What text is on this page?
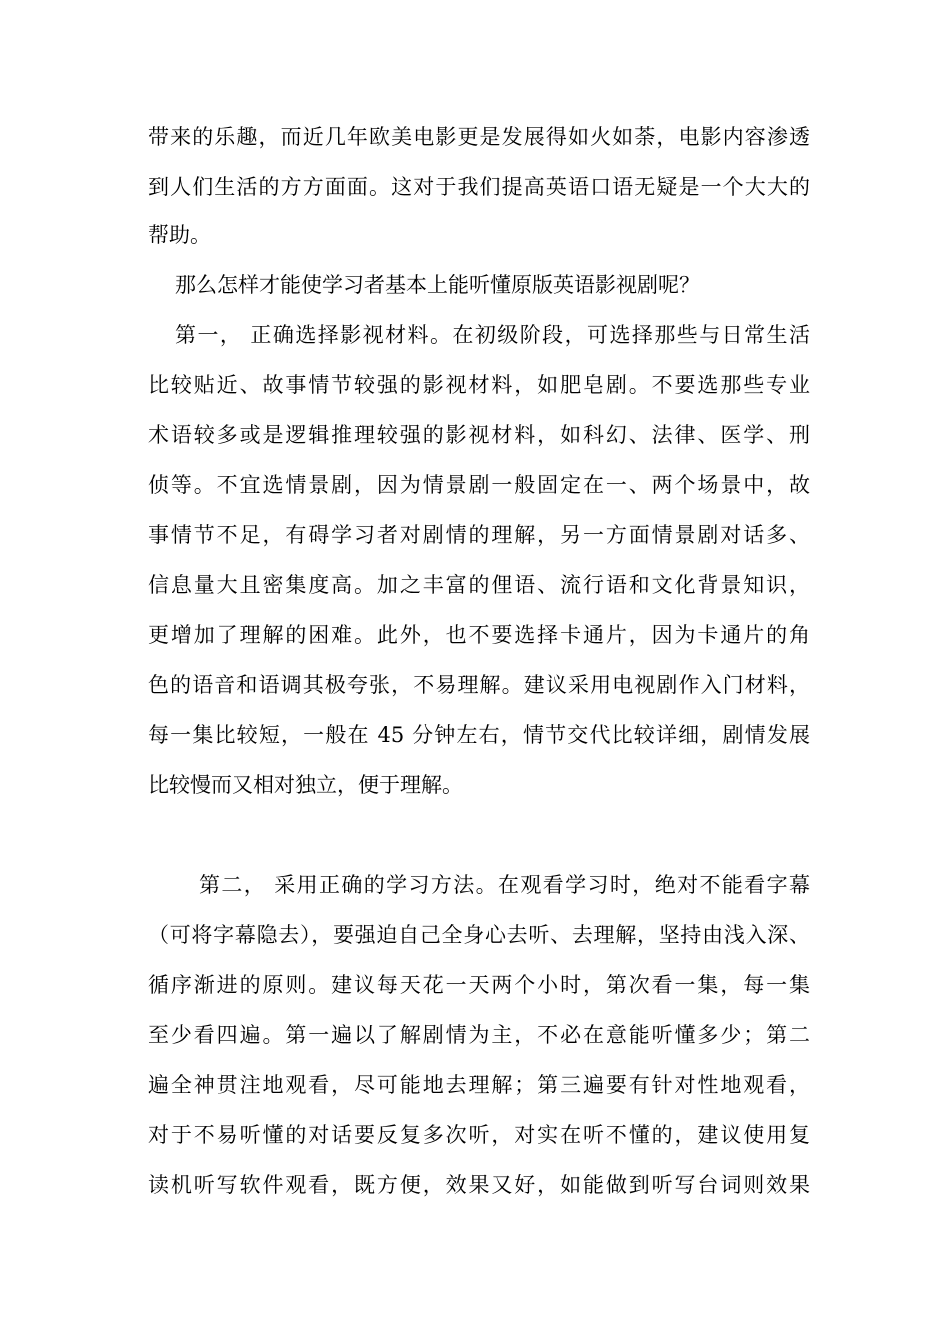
带来的乐趣，而近几年欧美电影更是发展得如火如荼，电影内容渗透
到人们生活的方方面面。这对于我们提高英语口语无疑是一个大大的
帮助。
那么怎样才能使学习者基本上能听懂原版英语影视剧呢？
第一， 正确选择影视材料。在初级阶段，可选择那些与日常生活
比较贴近、故事情节较强的影视材料，如肥皂剧。不要选那些专业
术语较多或是逻辑推理较强的影视材料，如科幻、法律、医学、刑
侦等。不宜选情景剧，因为情景剧一般固定在一、两个场景中，故
事情节不足，有碍学习者对剧情的理解，另一方面情景剧对话多、
信息量大且密集度高。加之丰富的俚语、流行语和文化背景知识，
更增加了理解的困难。此外，也不要选择卡通片，因为卡通片的角
色的语音和语调其极夸张，不易理解。建议采用电视剧作入门材料，
每一集比较短，一般在 45 分钟左右，情节交代比较详细，剧情发展
比较慢而又相对独立，便于理解。
第二， 采用正确的学习方法。在观看学习时，绝对不能看字幕
（可将字幕隐去），要强迫自己全身心去听、去理解，坚持由浅入深、
循序渐进的原则。建议每天花一天两个小时，第次看一集，每一集
至少看四遍。第一遍以了解剧情为主，不必在意能听懂多少；第二
遍全神贯注地观看，尽可能地去理解；第三遍要有针对性地观看，
对于不易听懂的对话要反复多次听，对实在听不懂的，建议使用复
读机听写软件观看，既方便，效果又好，如能做到听写台词则效果
